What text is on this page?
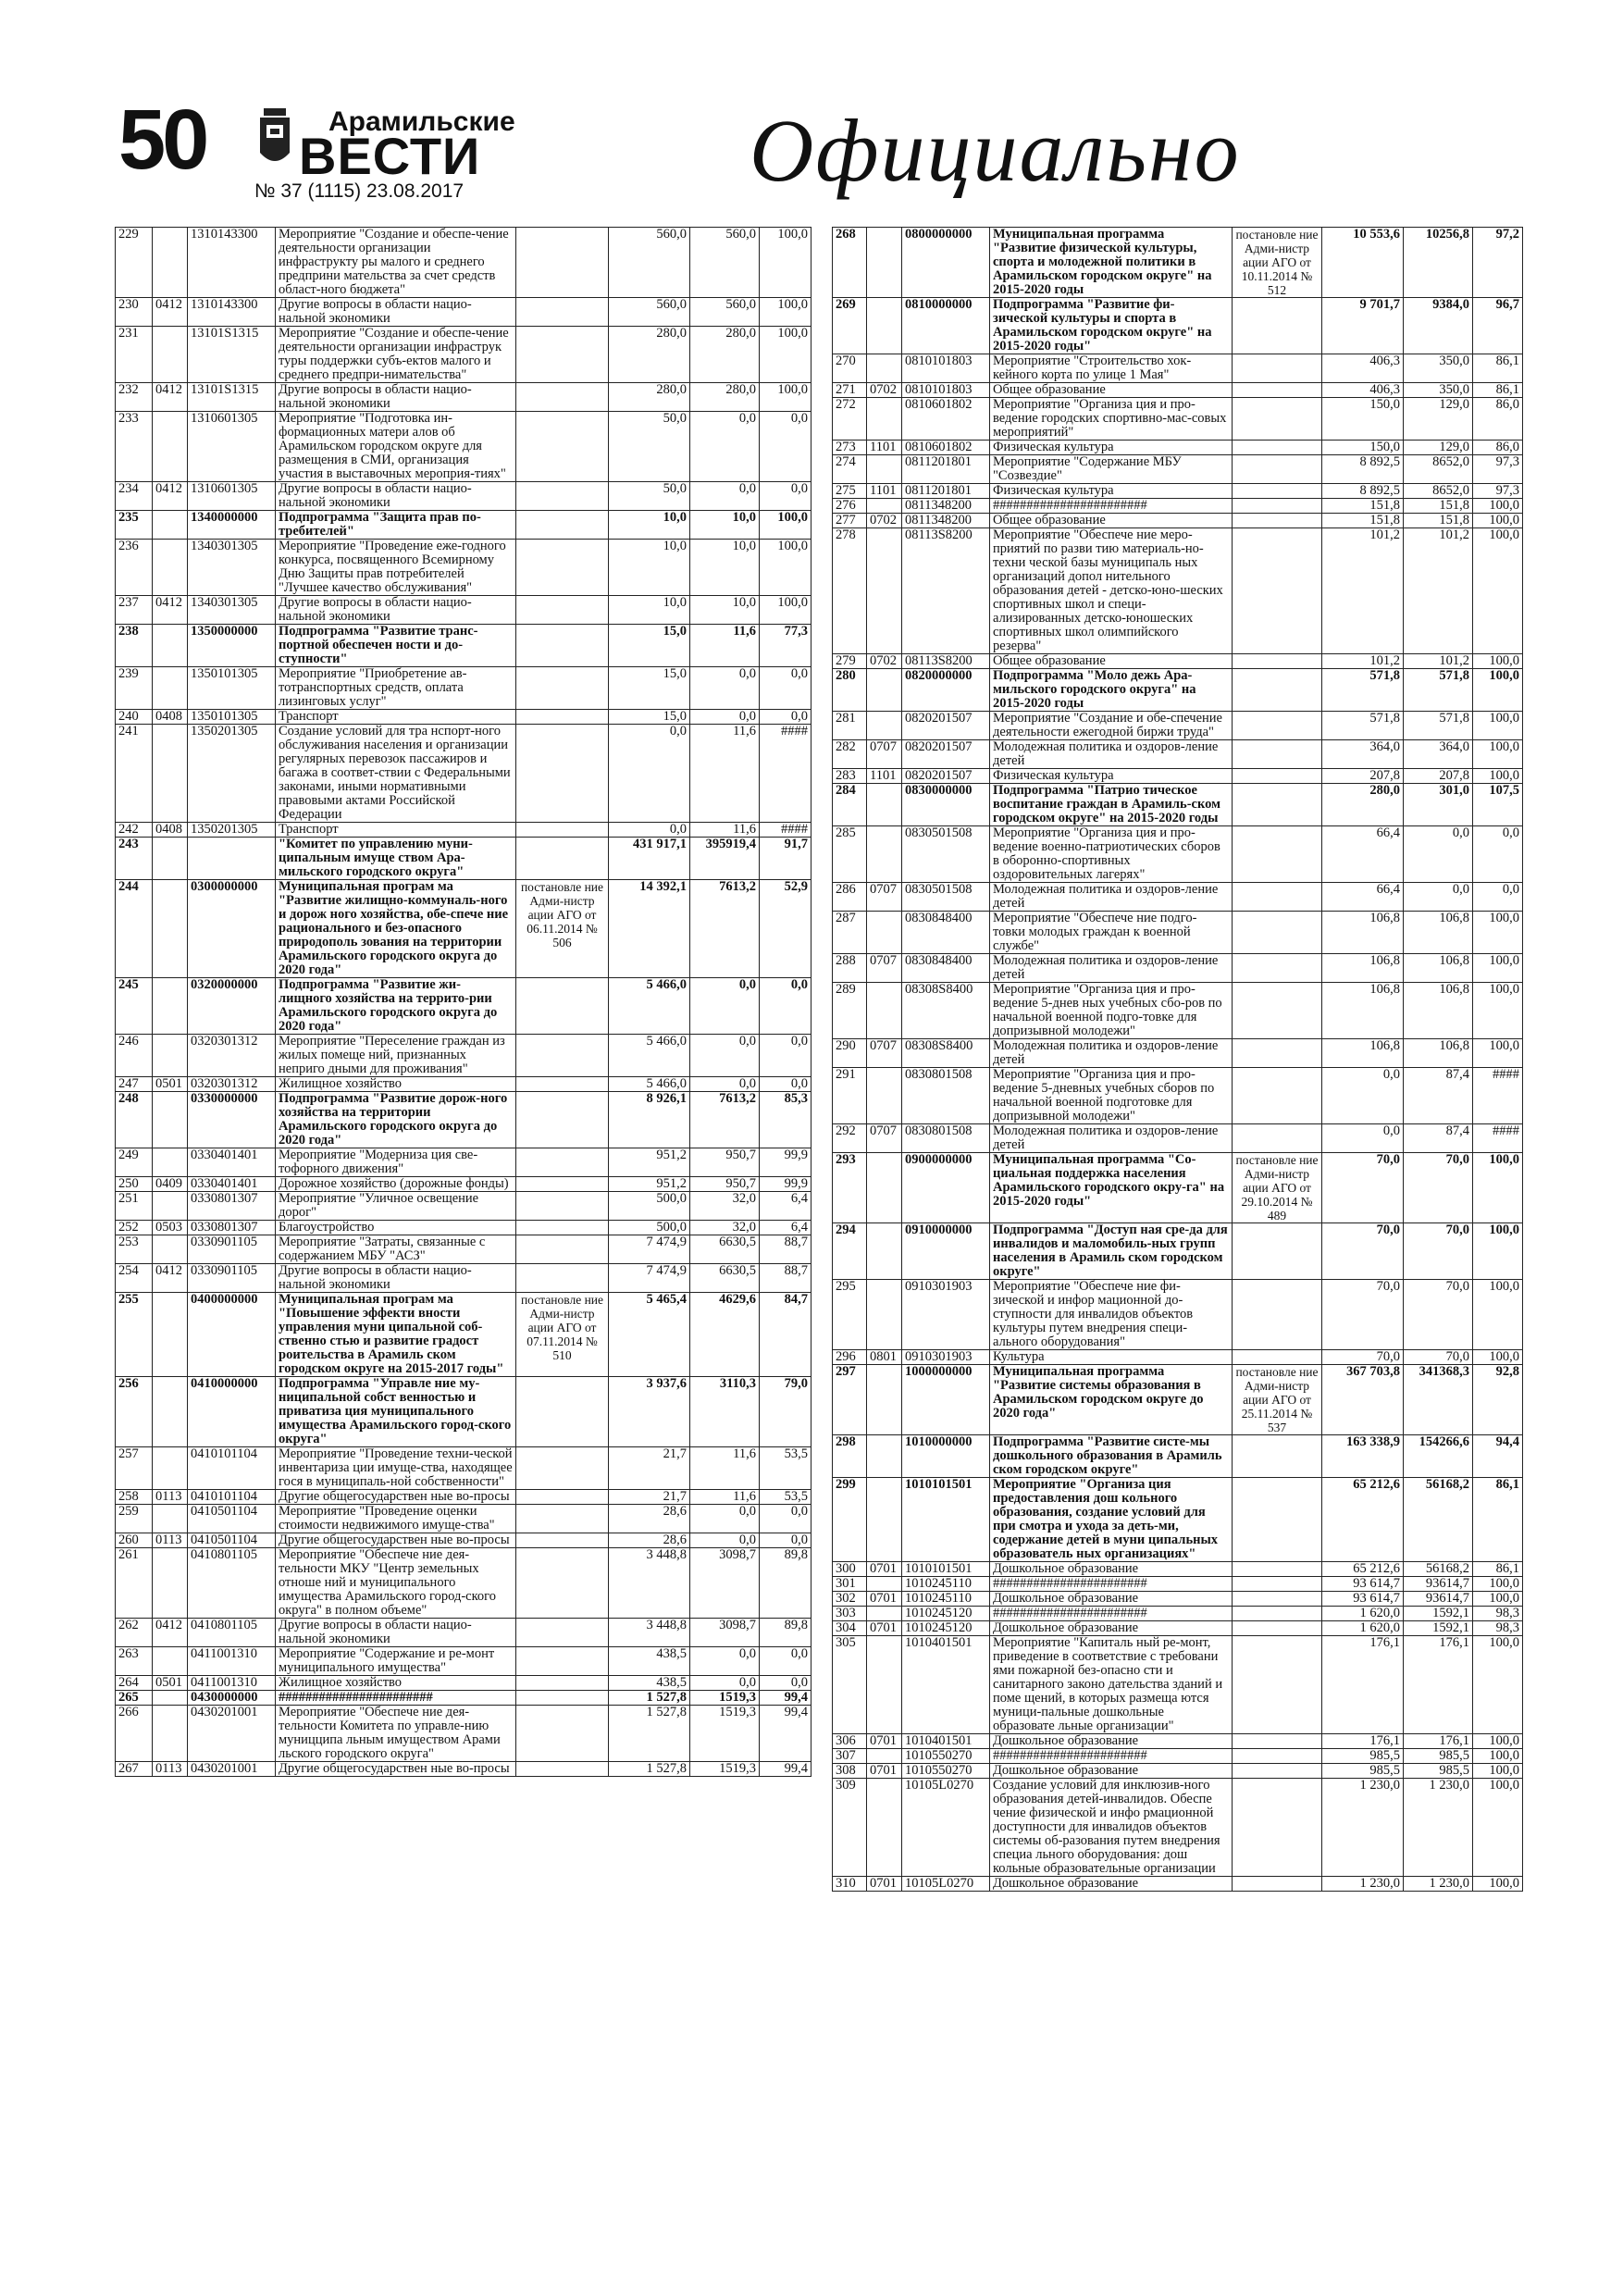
50	Арамильские
ВЕСТИ
№ 37 (1115) 23.08.2017	Официально
229		1310143300	Мероприятие "Создание и обеспе-чение деятельности организации инфраструкту ры малого и среднего предприни мательства за счет средств област-ного бюджета"		560,0	560,0	100,0
230	0412	1310143300	Другие вопросы в области нацио-нальной экономики		560,0	560,0	100,0
231		13101S1315	Мероприятие "Создание и обеспе-чение деятельности организации инфраструк туры поддержки субъ-ектов малого и среднего предпри-нимательства"		280,0	280,0	100,0
232	0412	13101S1315	Другие вопросы в области нацио-нальной экономики		280,0	280,0	100,0
233		1310601305	Мероприятие "Подготовка ин-формационных матери алов об Арамильском городском округе для размещения в СМИ, организация участия в выставочных мероприя-тиях"		50,0	0,0	0,0
234	0412	1310601305	Другие вопросы в области нацио-нальной экономики		50,0	0,0	0,0
235		1340000000	Подпрограмма "Защита прав по-требителей"		10,0	10,0	100,0
236		1340301305	Мероприятие "Проведение еже-годного конкурса, посвященного Всемирному Дню Защиты прав потребителей "Лучшее качество обслуживания"		10,0	10,0	100,0
237	0412	1340301305	Другие вопросы в области нацио-нальной экономики		10,0	10,0	100,0
238		1350000000	Подпрограмма "Развитие транс-портной обеспечен ности и до-ступности"		15,0	11,6	77,3
239		1350101305	Мероприятие "Приобретение ав-тотранспортных средств, оплата лизинговых услуг"		15,0	0,0	0,0
240	0408	1350101305	Транспорт		15,0	0,0	0,0
241		1350201305	Создание условий для тра нспорт-ного обслуживания населения и организации регулярных перевозок пассажиров и багажа в соответ-ствии с Федеральными законами, иными нормативными правовыми актами Российской Федерации		0,0	11,6	####
242	0408	1350201305	Транспорт		0,0	11,6	####
243			"Комитет по управлению муни-ципальным имуще ством Ара-мильского городского округа"		431 917,1	395919,4	91,7
244		0300000000	Муниципальная програм ма "Развитие жилищно-коммуналь-ного и дорож ного хозяйства, обе-спече ние рационального и без-опасного природополь зования на территории Арамильского городского округа до 2020 года"	постановле ние Адми-нистр ации АГО от 06.11.2014 № 506	14 392,1	7613,2	52,9
245		0320000000	Подпрограмма "Развитие жи-лищного хозяйства на террито-рии Арамильского городского округа до 2020 года"		5 466,0	0,0	0,0
246		0320301312	Мероприятие "Переселение граждан из жилых помеще ний, признанных неприго дными для проживания"		5 466,0	0,0	0,0
247	0501	0320301312	Жилищное хозяйство		5 466,0	0,0	0,0
248		0330000000	Подпрограмма "Развитие дорож-ного хозяйства на территории Арамильского городского округа до 2020 года"		8 926,1	7613,2	85,3
249		0330401401	Мероприятие "Модерниза ция све-тофорного движения"		951,2	950,7	99,9
250	0409	0330401401	Дорожное хозяйство (дорожные фонды)		951,2	950,7	99,9
251		0330801307	Мероприятие "Уличное освещение дорог"		500,0	32,0	6,4
252	0503	0330801307	Благоустройство		500,0	32,0	6,4
253		0330901105	Мероприятие "Затраты, связанные с содержанием МБУ "АСЗ"		7 474,9	6630,5	88,7
254	0412	0330901105	Другие вопросы в области нацио-нальной экономики		7 474,9	6630,5	88,7
255		0400000000	Муниципальная програм ма "Повышение эффекти вности управления муни ципальной соб-ственно стью и развитие градост роительства в Арамиль ском городском округе на 2015-2017 годы"	постановле ние Адми-нистр ации АГО от 07.11.2014 № 510	5 465,4	4629,6	84,7
256		0410000000	Подпрограмма "Управле ние му-ниципальной собст венностью и приватиза ция муниципального имущества Арамильского город-ского округа"		3 937,6	3110,3	79,0
257		0410101104	Мероприятие "Проведение техни-ческой инвентариза ции имуще-ства, находящее гося в муниципаль-ной собственности"		21,7	11,6	53,5
258	0113	0410101104	Другие общегосударствен ные во-просы		21,7	11,6	53,5
259		0410501104	Мероприятие "Проведение оценки стоимости недвижимого имуще-ства"		28,6	0,0	0,0
260	0113	0410501104	Другие общегосударствен ные во-просы		28,6	0,0	0,0
261		0410801105	Мероприятие "Обеспече ние дея-тельности МКУ "Центр земельных отноше ний и муниципального имущества Арамильского город-ского округа" в полном объеме"		3 448,8	3098,7	89,8
262	0412	0410801105	Другие вопросы в области нацио-нальной экономики		3 448,8	3098,7	89,8
263		0411001310	Мероприятие "Содержание и ре-монт муниципального имущества"		438,5	0,0	0,0
264	0501	0411001310	Жилищное хозяйство		438,5	0,0	0,0
265		0430000000	#######################		1 527,8	1519,3	99,4
266		0430201001	Мероприятие "Обеспече ние дея-тельности Комитета по управле-нию муницципа льным имуществом Арами льского городского округа"		1 527,8	1519,3	99,4
267	0113	0430201001	Другие общегосударствен ные во-просы		1 527,8	1519,3	99,4
268		0800000000	Муниципальная программа "Развитие физической культуры, спорта и молодежной политики в Арамильском городском округе" на 2015-2020 годы	постановле ние Адми-нистр ации АГО от 10.11.2014 № 512	10 553,6	10256,8	97,2
269		0810000000	Подпрограмма "Развитие фи-зической культуры и спорта в Арамильском городском округе" на 2015-2020 годы"		9 701,7	9384,0	96,7
270		0810101803	Мероприятие "Строительство хок-кейного корта по улице 1 Мая"		406,3	350,0	86,1
271	0702	0810101803	Общее образование		406,3	350,0	86,1
272		0810601802	Мероприятие "Организа ция и про-ведение городских спортивно-мас-совых мероприятий"		150,0	129,0	86,0
273	1101	0810601802	Физическая культура		150,0	129,0	86,0
274		0811201801	Мероприятие "Содержание МБУ "Созвездие"		8 892,5	8652,0	97,3
275	1101	0811201801	Физическая культура		8 892,5	8652,0	97,3
276		0811348200	#######################		151,8	151,8	100,0
277	0702	0811348200	Общее образование		151,8	151,8	100,0
278		08113S8200	Мероприятие "Обеспече ние меро-приятий по разви тию материаль-но-техни ческой базы муниципаль ных организаций допол нительного образования детей - детско-юно-шеских спортивных школ и специ-ализированных детско-юношеских спортивных школ олимпийского резерва"		101,2	101,2	100,0
279	0702	08113S8200	Общее образование		101,2	101,2	100,0
280		0820000000	Подпрограмма "Моло дежь Ара-мильского городского округа" на 2015-2020 годы		571,8	571,8	100,0
281		0820201507	Мероприятие "Создание и обе-спечение деятельности ежегодной биржи труда"		571,8	571,8	100,0
282	0707	0820201507	Молодежная политика и оздоров-ление детей		364,0	364,0	100,0
283	1101	0820201507	Физическая культура		207,8	207,8	100,0
284		0830000000	Подпрограмма "Патрио тическое воспитание граждан в Арамиль-ском городском округе" на 2015-2020 годы		280,0	301,0	107,5
285		0830501508	Мероприятие "Организа ция и про-ведение военно-патриотических сборов в оборонно-спортивных оздоровительных лагерях"		66,4	0,0	0,0
286	0707	0830501508	Молодежная политика и оздоров-ление детей		66,4	0,0	0,0
287		0830848400	Мероприятие "Обеспече ние подго-товки молодых граждан к военной службе"		106,8	106,8	100,0
288	0707	0830848400	Молодежная политика и оздоров-ление детей		106,8	106,8	100,0
289		08308S8400	Мероприятие "Организа ция и про-ведение 5-днев ных учебных сбо-ров по начальной военной подго-товке для допризывной молодежи"		106,8	106,8	100,0
290	0707	08308S8400	Молодежная политика и оздоров-ление детей		106,8	106,8	100,0
291		0830801508	Мероприятие "Организа ция и про-ведение 5-дневных учебных сборов по начальной военной подготовке для допризывной молодежи"		0,0	87,4	####
292	0707	0830801508	Молодежная политика и оздоров-ление детей		0,0	87,4	####
293		0900000000	Муниципальная программа "Со-циальная поддержка населения Арамильского городского окру-га" на 2015-2020 годы"	постановле ние Адми-нистр ации АГО от 29.10.2014 № 489	70,0	70,0	100,0
294		0910000000	Подпрограмма "Доступ ная сре-да для инвалидов и маломобиль-ных групп населения в Арамиль ском городском округе"		70,0	70,0	100,0
295		0910301903	Мероприятие "Обеспече ние фи-зической и инфор мационной до-ступности для инвалидов объектов культуры путем внедрения специ-ального оборудования"		70,0	70,0	100,0
296	0801	0910301903	Культура		70,0	70,0	100,0
297		1000000000	Муниципальная программа "Развитие системы образования в Арамильском городском округе до 2020 года"	постановле ние Адми-нистр ации АГО от 25.11.2014 № 537	367 703,8	341368,3	92,8
298		1010000000	Подпрограмма "Развитие систе-мы дошкольного образования в Арамиль ском городском округе"		163 338,9	154266,6	94,4
299		1010101501	Мероприятие "Организа ция предоставления дош кольного образования, создание условий для при смотра и ухода за деть-ми, содержание детей в муни ципальных образователь ных организациях"		65 212,6	56168,2	86,1
300	0701	1010101501	Дошкольное образование		65 212,6	56168,2	86,1
301		1010245110	#######################		93 614,7	93614,7	100,0
302	0701	1010245110	Дошкольное образование		93 614,7	93614,7	100,0
303		1010245120	#######################		1 620,0	1592,1	98,3
304	0701	1010245120	Дошкольное образование		1 620,0	1592,1	98,3
305		1010401501	Мероприятие "Капиталь ный ре-монт, приведение в соответствие с требовани ями пожарной без-опасно сти и санитарного законо дательства зданий и поме щений, в которых размеща ются муници-пальные дошкольные образовате льные организации"		176,1	176,1	100,0
306	0701	1010401501	Дошкольное образование		176,1	176,1	100,0
307		1010550270	#######################		985,5	985,5	100,0
308	0701	1010550270	Дошкольное образование		985,5	985,5	100,0
309		10105L0270	Создание условий для инклюзив-ного образования детей-инвалидов. Обеспе чение физической и инфо рмационной доступности для инвалидов объектов системы об-разования путем внедрения специа льного оборудования: дош кольные образовательные организации		1 230,0	1 230,0	100,0
310	0701	10105L0270	Дошкольное образование		1 230,0	1 230,0	100,0
